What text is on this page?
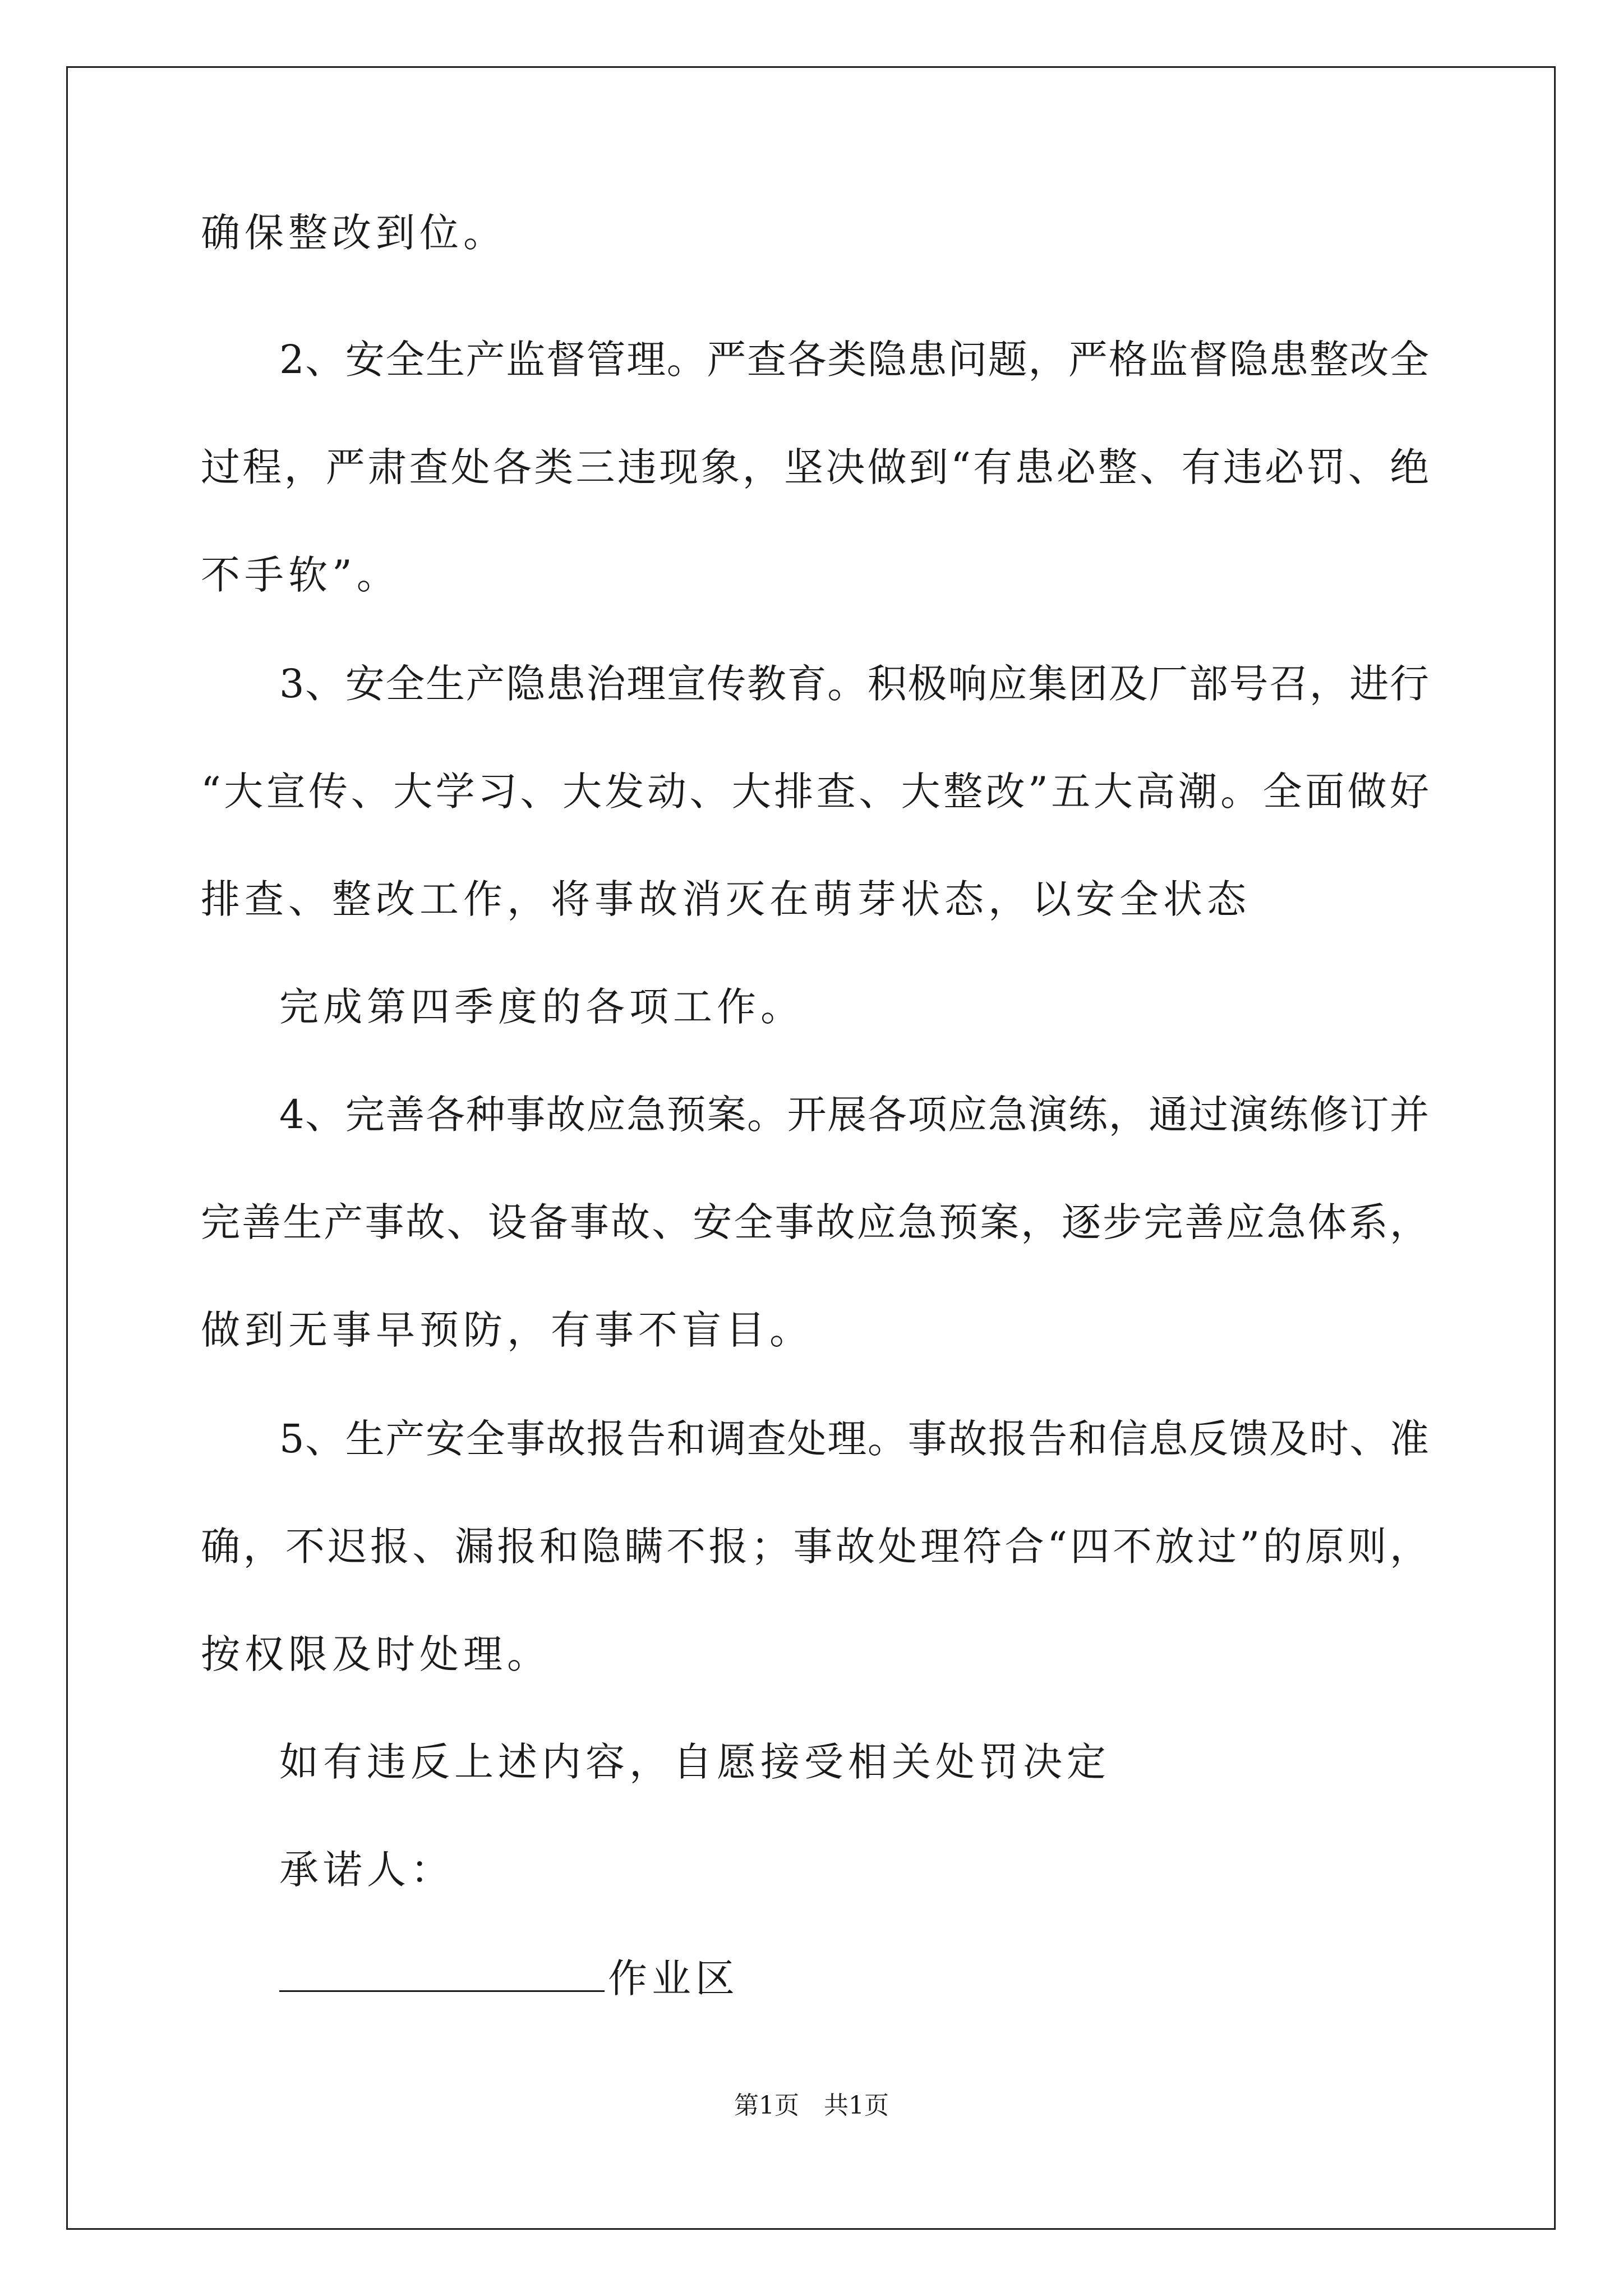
确保整改到位。
2、安全生产监督管理。严查各类隐患问题，严格监督隐患整改全
过程，严肃查处各类三违现象，坚决做到“有患必整、有违必罚、绝
不手软”。
3、安全生产隐患治理宣传教育。积极响应集团及厂部号召，进行
“大宣传、大学习、大发动、大排查、大整改”五大高潮。全面做好
排查、整改工作，将事故消灭在萌芽状态，以安全状态
完成第四季度的各项工作。
4、完善各种事故应急预案。开展各项应急演练，通过演练修订并
完善生产事故、设备事故、安全事故应急预案，逐步完善应急体系，
做到无事早预防，有事不盲目。
5、生产安全事故报告和调查处理。事故报告和信息反馈及时、准
确，不迟报、漏报和隐瞒不报；事故处理符合“四不放过”的原则，
按权限及时处理。
如有违反上述内容，自愿接受相关处罚决定
承诺人：
作业区
第1页　共1页
